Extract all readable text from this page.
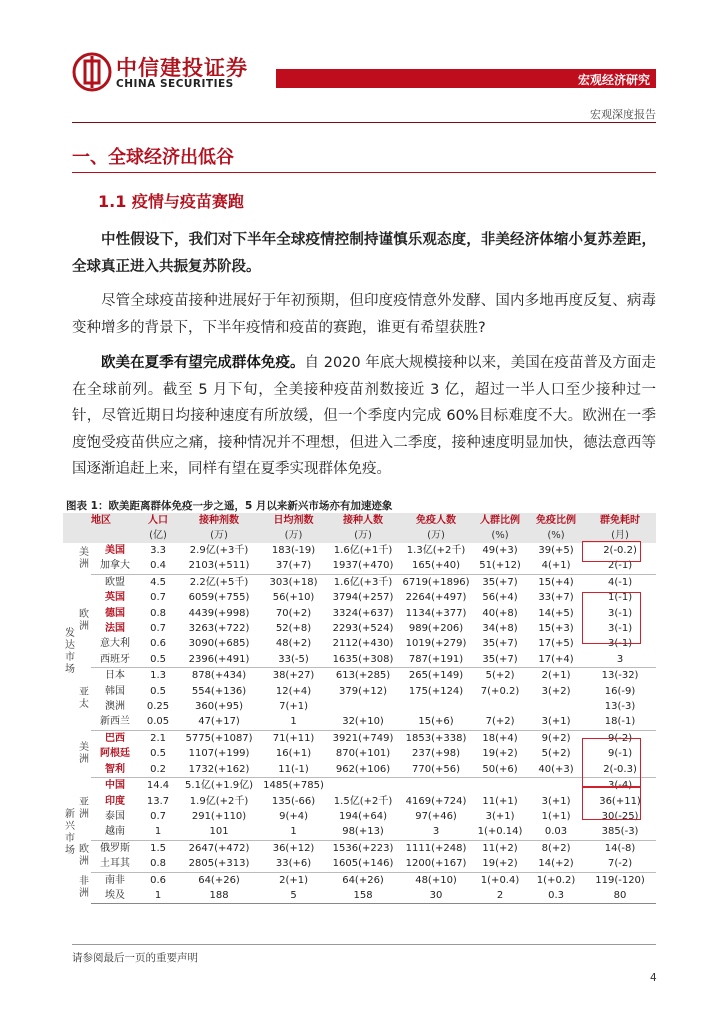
中信建投证券
CHINA SECURITIES	宏观经济研究
宏观深度报告
一、全球经济出低谷
1.1 疫情与疫苗赛跑

中性假设下，我们对下半年全球疫情控制持谨慎乐观态度，非美经济体缩小复苏差距，全球真正进入共振复苏阶段。

尽管全球疫苗接种进展好于年初预期，但印度疫情意外发酵、国内多地再度反复、病毒变种增多的背景下，下半年疫情和疫苗的赛跑，谁更有希望获胜?

欧美在夏季有望完成群体免疫。自 2020 年底大规模接种以来，美国在疫苗普及方面走在全球前列。截至 5 月下旬，全美接种疫苗剂数接近 3 亿，超过一半人口至少接种过一针，尽管近期日均接种速度有所放缓，但一个季度内完成 60%目标难度不大。欧洲在一季度饱受疫苗供应之痛，接种情况并不理想，但进入二季度，接种速度明显加快，德法意西等国逐渐追赶上来，同样有望在夏季实现群体免疫。

图表 1：欧美距离群体免疫一步之遥，5 月以来新兴市场亦有加速迹象
地区			人口	接种剂数	日均剂数	接种人数	免疫人数	人群比例	免疫比例	群免耗时
			(亿)	(万)	(万)	(万)	(万)	(%)	(%)	(月)
发达市场	美洲	美国	3.3	2.9亿(+3千)	183(-19)	1.6亿(+1千)	1.3亿(+2千)	49(+3)	39(+5)	2(-0.2)
		加拿大	0.4	2103(+511)	37(+7)	1937(+470)	165(+40)	51(+12)	4(+1)	2(-1)
	欧洲	欧盟	4.5	2.2亿(+5千)	303(+18)	1.6亿(+3千)	6719(+1896)	35(+7)	15(+4)	4(-1)
		英国	0.7	6059(+755)	56(+10)	3794(+257)	2264(+497)	56(+4)	33(+7)	1(-1)
		德国	0.8	4439(+998)	70(+2)	3324(+637)	1134(+377)	40(+8)	14(+5)	3(-1)
		法国	0.7	3263(+722)	52(+8)	2293(+524)	989(+206)	34(+8)	15(+3)	3(-1)
		意大利	0.6	3090(+685)	48(+2)	2112(+430)	1019(+279)	35(+7)	17(+5)	3(-1)
		西班牙	0.5	2396(+491)	33(-5)	1635(+308)	787(+191)	35(+7)	17(+4)	3
	亚太	日本	1.3	878(+434)	38(+27)	613(+285)	265(+149)	5(+2)	2(+1)	13(-32)
		韩国	0.5	554(+136)	12(+4)	379(+12)	175(+124)	7(+0.2)	3(+2)	16(-9)
		澳洲	0.25	360(+95)	7(+1)					13(-3)
		新西兰	0.05	47(+17)	1	32(+10)	15(+6)	7(+2)	3(+1)	18(-1)
	美洲	巴西	2.1	5775(+1087)	71(+11)	3921(+749)	1853(+338)	18(+4)	9(+2)	9(-2)
		阿根廷	0.5	1107(+199)	16(+1)	870(+101)	237(+98)	19(+2)	5(+2)	9(-1)
新兴市场		智利	0.2	1732(+162)	11(-1)	962(+106)	770(+56)	50(+6)	40(+3)	2(-0.3)
	亚洲	中国	14.4	5.1亿(+1.9亿)	1485(+785)					3(-4)
		印度	13.7	1.9亿(+2千)	135(-66)	1.5亿(+2千)	4169(+724)	11(+1)	3(+1)	36(+11)
		泰国	0.7	291(+110)	9(+4)	194(+64)	97(+46)	3(+1)	1(+1)	30(-25)
		越南	1	101	1	98(+13)	3	1(+0.14)	0.03	385(-3)
	欧洲	俄罗斯	1.5	2647(+472)	36(+12)	1536(+223)	1111(+248)	11(+2)	8(+2)	14(-8)
		土耳其	0.8	2805(+313)	33(+6)	1605(+146)	1200(+167)	19(+2)	14(+2)	7(-2)
	非洲	南非	0.6	64(+26)	2(+1)	64(+26)	48(+10)	1(+0.4)	1(+0.2)	119(-120)
		埃及	1	188	5	158	30	2	0.3	80
请参阅最后一页的重要声明
4
